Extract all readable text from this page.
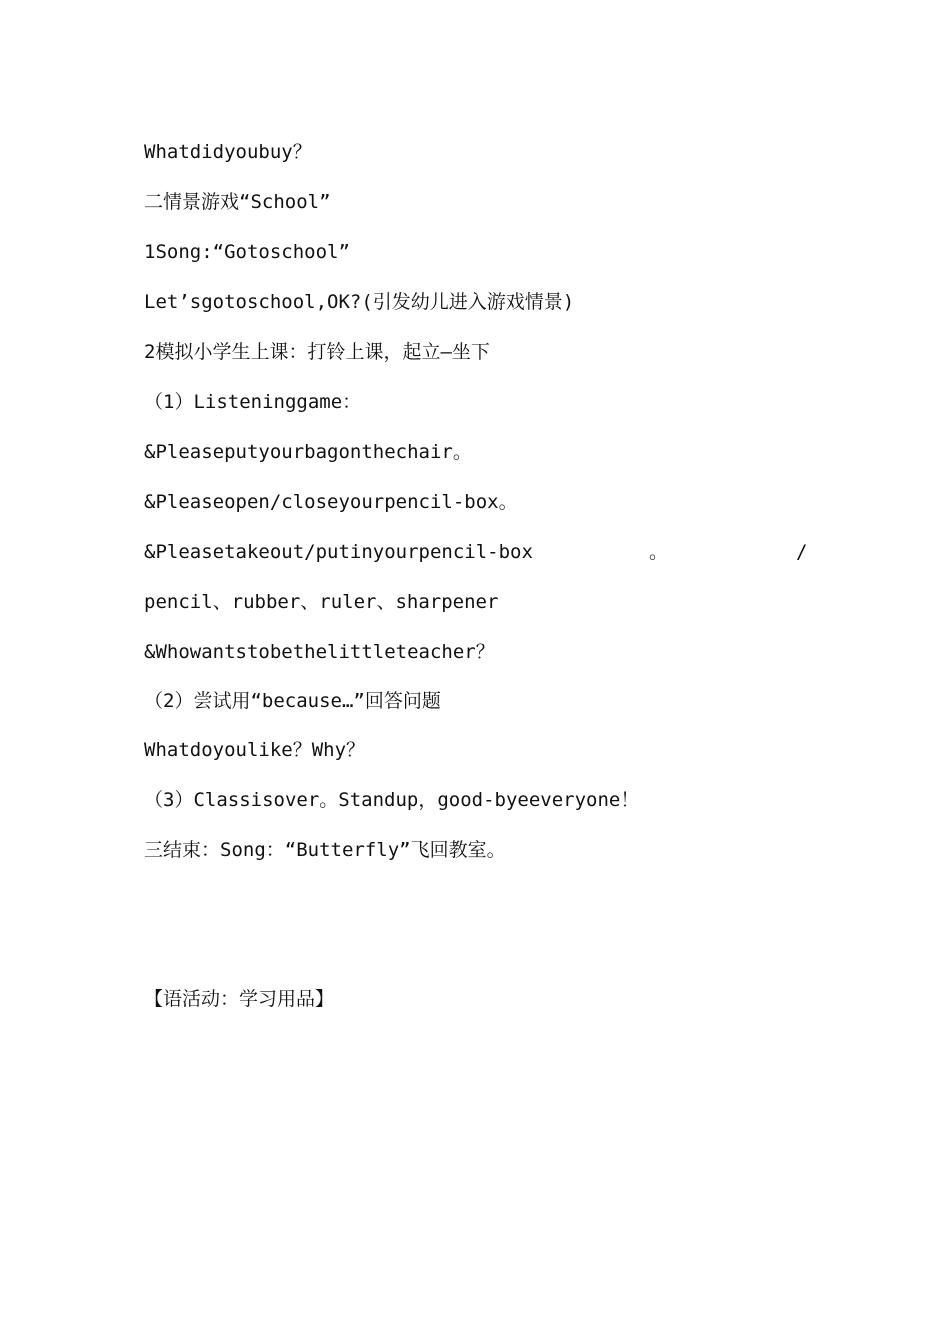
Whatdidyoubuy？
二情景游戏“School”
1Song:“Gotoschool”
Let’sgotoschool,OK?(引发幼儿进入游戏情景)
2模拟小学生上课：打铃上课，起立—坐下
（1）Listeninggame：
&Pleaseputyourbagonthechair。
&Pleaseopen/closeyourpencil-box。
&Pleasetakeout/putinyourpencil-box	。	/
pencil、rubber、ruler、sharpener
&Whowantstobethelittleteacher？
（2）尝试用“because…”回答问题
Whatdoyoulike？Why？
（3）Classisover。Standup，good-byeeveryone！
三结束：Song：“Butterfly”飞回教室。
【语活动：学习用品】
